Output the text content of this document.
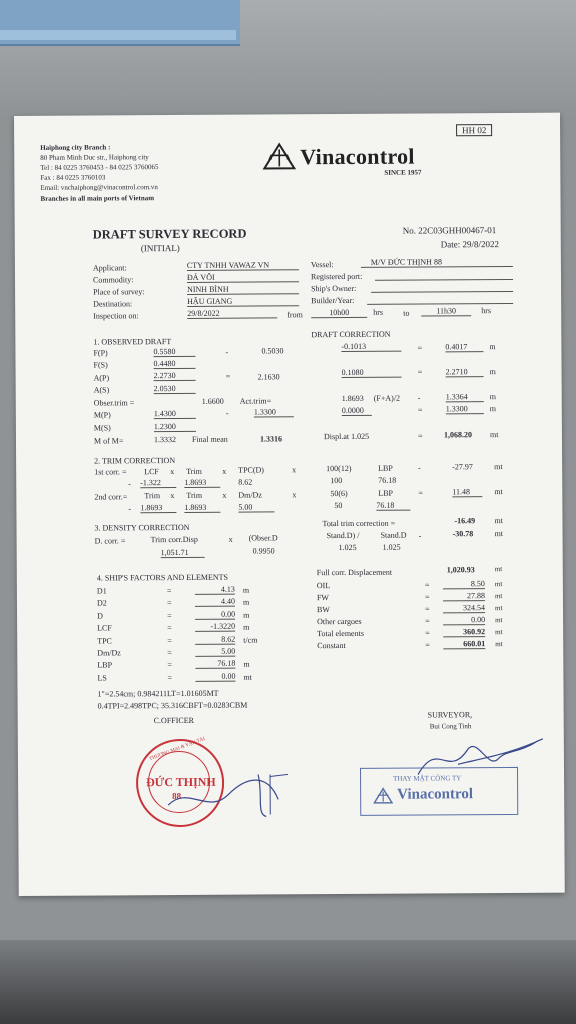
Haiphong city Branch :
80 Pham Minh Duc str., Haiphong city
Tel : 84 0225 3760453 - 84 0225 3760065
Fax : 84 0225 3760103
Email: vnchaiphong@vinacontrol.com.vn
Branches in all main ports of Vietnam
Vinacontrol
SINCE 1957
HH 02
DRAFT SURVEY RECORD
(INITIAL)
No. 22C03GHH00467-01
Date: 29/8/2022
Applicant:	CTY TNHH VAWAZ VN
Commodity:	ĐÁ VÔI
Place of survey:	NINH BÌNH
Destination:	HẬU GIANG
Inspection on:	29/8/2022
Vessel:	M/V ĐỨC THỊNH 88
Registered port:
Ship's Owner:
Builder/Year:
from	10h00	hrs	to	11h30	hrs
1. OBSERVED DRAFT
DRAFT CORRECTION
F(P)	0.5580	-	0.5030	-0.1013	=	0.4017	m
F(S)	0.4480
A(P)	2.2730	=	2.1630	0.1080	=	2.2710	m
A(S)	2.0530
Obser.trim =	1.6600 Act.trim=	1.8693 (F+A)/2 -	1.3364	m
M(P)	1.4300	-	1.3300	0.0000	=	1.3300	m
M(S)	1.2300
M of M=	1.3332 Final mean	1.3316	Displ.at 1.025	=	1,068.20 mt
2. TRIM CORRECTION
1st corr. = LCF x Trim	x TPC(D)	x	100(12)	LBP	-	-27.97	mt
- -1.322	1.8693	8.62	100	76.18
2nd corr.= Trim x Trim	x Dm/Dz	x	50(6)	LBP	=	11.48	mt
- 1.8693	1.8693	5.00	50	76.18
3. DENSITY CORRECTION	Total trim correction =	-16.49 mt
D. corr. =	Trim corr.Disp	x (Obser.D	Stand.D) /	Stand.D -	-30.78	mt
1,051.71	0.9950	1.025	1.025
4. SHIP'S FACTORS AND ELEMENTS
D1	=	4.13 m
D2	=	4.40 m
D	=	0.00 m
LCF	=	-1.3220 m
TPC	=	8.62 t/cm
Dm/Dz	=	5.00
LBP	=	76.18 m
LS	=	0.00 mt
1"=2.54cm; 0.984211LT=1.01605MT
0.4TPI=2.498TPC; 35.316CBFT=0.0283CBM
C.OFFICER
Full corr. Displacement	1,020.93	mt
OIL	=	8.50 mt
FW	=	27.88 mt
BW	=	324.54 mt
Other cargoes	=	0.00 mt
Total elements	=	360.92 mt
Constant	=	660.01 mt
SURVEYOR,
Bui Cong Tinh
ĐỨC THỊNH
88
THƯƠNG MẠI & VẬN TẢI
THAY MẶT CÔNG TY
Vinacontrol
